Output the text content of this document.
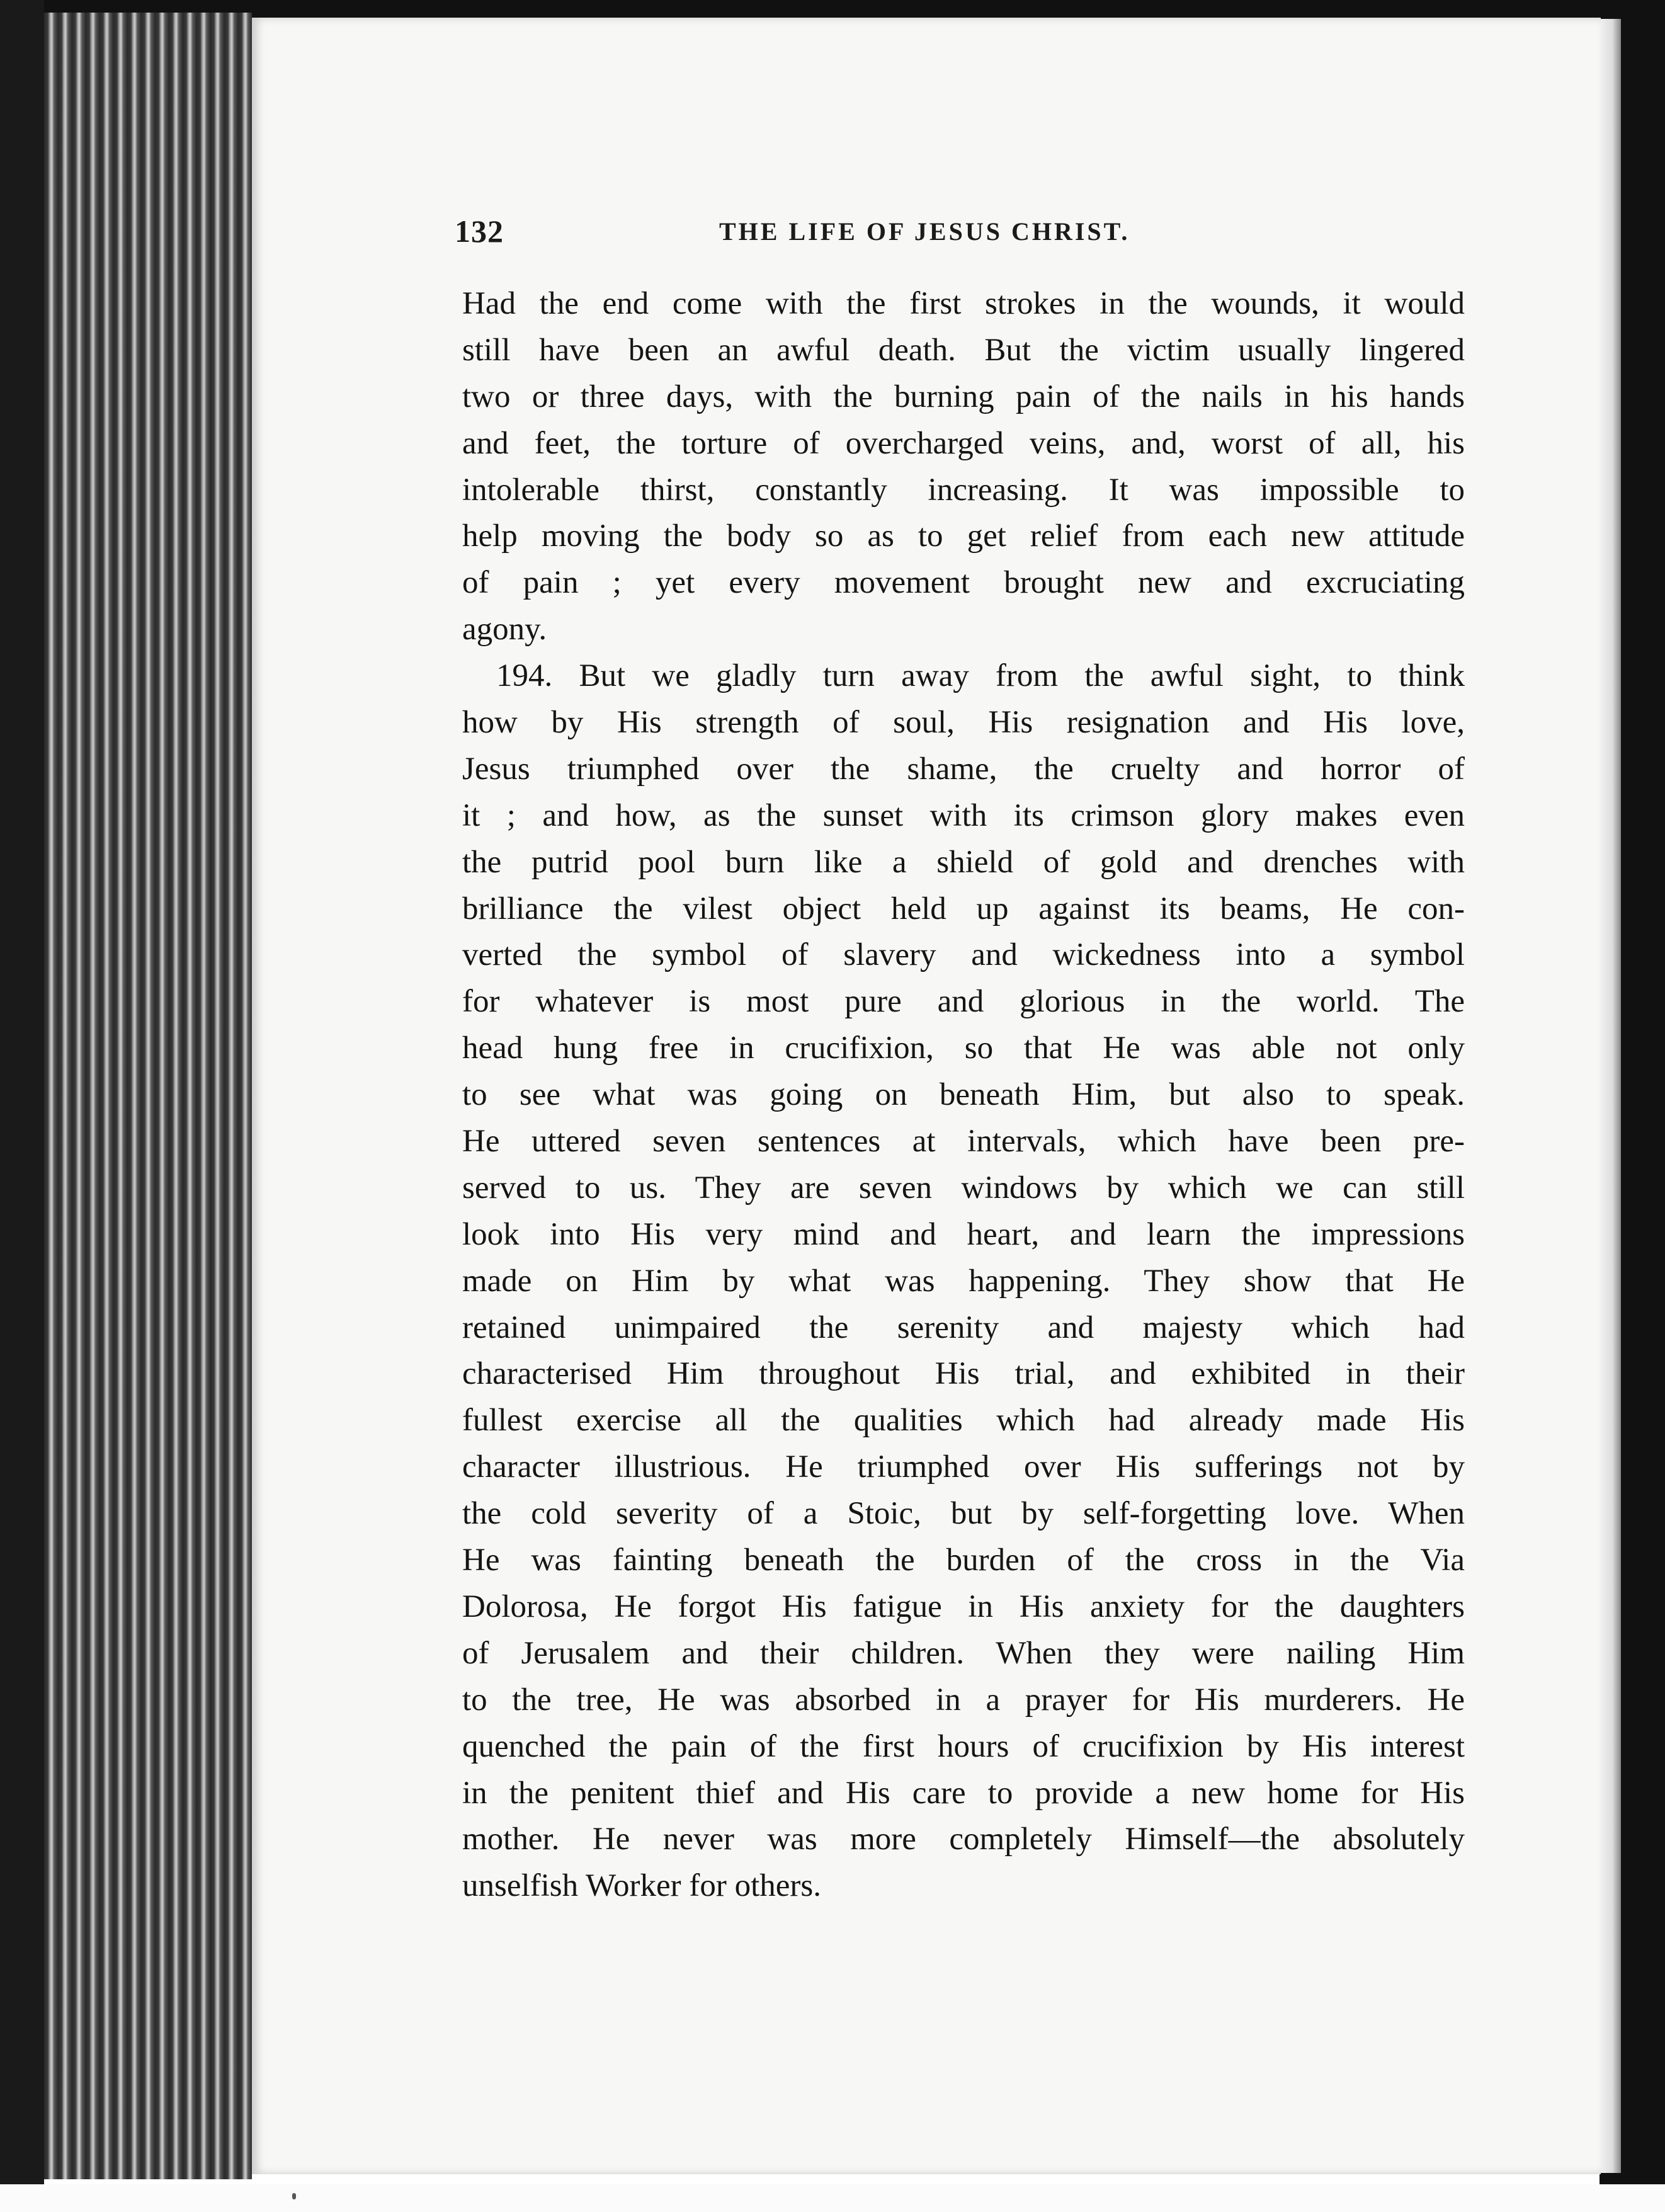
132	THE LIFE OF JESUS CHRIST.
Had the end come with the first strokes in the wounds, it would
still have been an awful death. But the victim usually lingered
two or three days, with the burning pain of the nails in his hands
and feet, the torture of overcharged veins, and, worst of all, his
intolerable thirst, constantly increasing. It was impossible to
help moving the body so as to get relief from each new attitude
of pain ; yet every movement brought new and excruciating
agony.
194. But we gladly turn away from the awful sight, to think
how by His strength of soul, His resignation and His love,
Jesus triumphed over the shame, the cruelty and horror of
it ; and how, as the sunset with its crimson glory makes even
the putrid pool burn like a shield of gold and drenches with
brilliance the vilest object held up against its beams, He con-
verted the symbol of slavery and wickedness into a symbol
for whatever is most pure and glorious in the world. The
head hung free in crucifixion, so that He was able not only
to see what was going on beneath Him, but also to speak.
He uttered seven sentences at intervals, which have been pre-
served to us. They are seven windows by which we can still
look into His very mind and heart, and learn the impressions
made on Him by what was happening. They show that He
retained unimpaired the serenity and majesty which had
characterised Him throughout His trial, and exhibited in their
fullest exercise all the qualities which had already made His
character illustrious. He triumphed over His sufferings not by
the cold severity of a Stoic, but by self-forgetting love. When
He was fainting beneath the burden of the cross in the Via
Dolorosa, He forgot His fatigue in His anxiety for the daughters
of Jerusalem and their children. When they were nailing Him
to the tree, He was absorbed in a prayer for His murderers. He
quenched the pain of the first hours of crucifixion by His interest
in the penitent thief and His care to provide a new home for His
mother. He never was more completely Himself—the absolutely
unselfish Worker for others.
